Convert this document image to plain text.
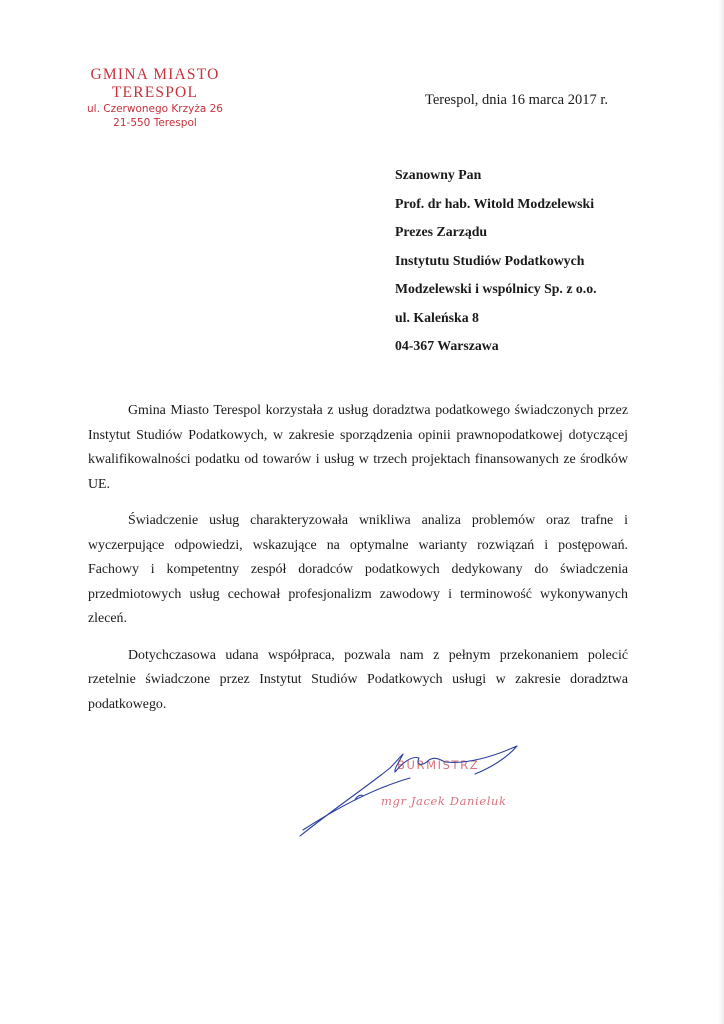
GMINA MIASTO
TERESPOL
ul. Czerwonego Krzyża 26
21-550 Terespol
Terespol, dnia 16 marca 2017 r.
Szanowny Pan
Prof. dr hab. Witold Modzelewski
Prezes Zarządu
Instytutu Studiów Podatkowych
Modzelewski i wspólnicy Sp. z o.o.
ul. Kaleńska 8
04-367 Warszawa

Gmina Miasto Terespol korzystała z usług doradztwa podatkowego świadczonych przez Instytut Studiów Podatkowych, w zakresie sporządzenia opinii prawnopodatkowej dotyczącej kwalifikowalności podatku od towarów i usług w trzech projektach finansowanych ze środków UE.

Świadczenie usług charakteryzowała wnikliwa analiza problemów oraz trafne i wyczerpujące odpowiedzi, wskazujące na optymalne warianty rozwiązań i postępowań. Fachowy i kompetentny zespół doradców podatkowych dedykowany do świadczenia przedmiotowych usług cechował profesjonalizm zawodowy i terminowość wykonywanych zleceń.

Dotychczasowa udana współpraca, pozwala nam z pełnym przekonaniem polecić rzetelnie świadczone przez Instytut Studiów Podatkowych usługi w zakresie doradztwa podatkowego.

BURMISTRZ
mgr Jacek Danieluk
